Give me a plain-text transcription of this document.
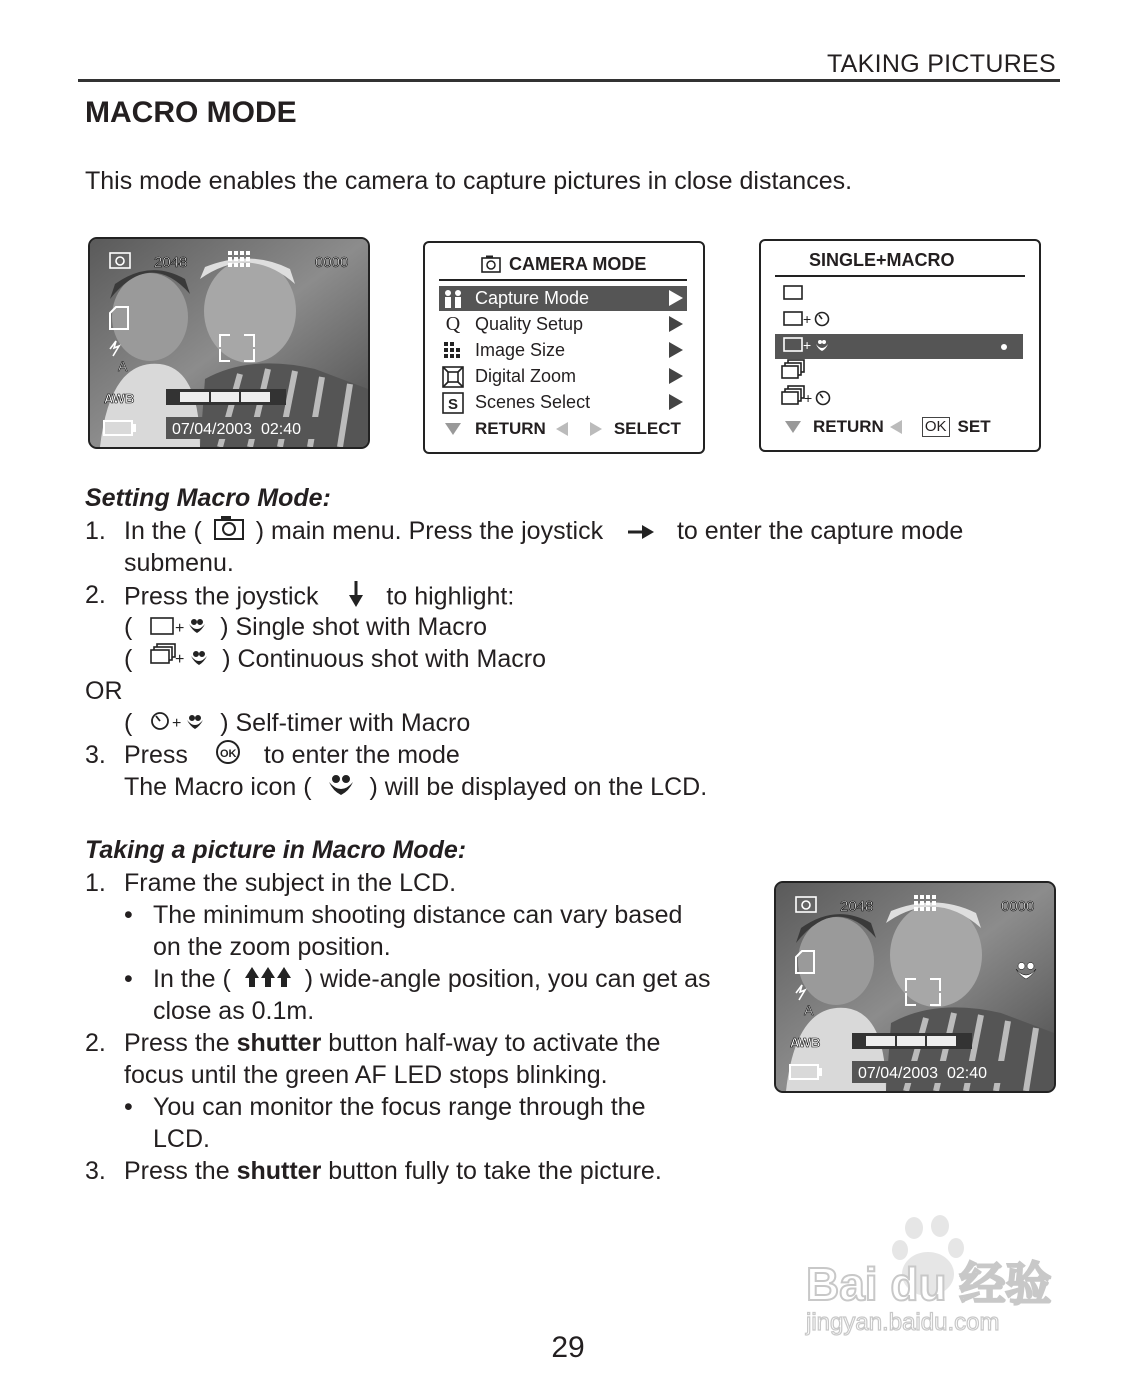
TAKING PICTURES
MACRO MODE
This mode enables the camera to capture pictures in close distances.
2048	0000
A
AWB
07/04/2003  02:40
CAMERA MODE
Capture Mode
Q Quality Setup
Image Size
Digital Zoom
S Scenes Select
RETURN	SELECT
SINGLE+MACRO
+
+
+
RETURN	OK SET
Setting Macro Mode:
1. In the ( ) main menu. Press the joystick	to enter the capture mode
submenu.
2. Press the joystick	to highlight:
(	+ ) Single shot with Macro
(	+ ) Continuous shot with Macro
OR
( + ) Self-timer with Macro
3. Press	OK to enter the mode
The Macro icon ( ) will be displayed on the LCD.
Taking a picture in Macro Mode:
1. Frame the subject in the LCD.
• The minimum shooting distance can vary based
on the zoom position.
• In the (	) wide-angle position, you can get as
close as 0.1m.
2. Press the shutter button half-way to activate the
focus until the green AF LED stops blinking.
• You can monitor the focus range through the
LCD.
3. Press the shutter button fully to take the picture.
2048	0000
A
AWB
07/04/2003  02:40
Bai du 经验
jingyan.baidu.com
29
